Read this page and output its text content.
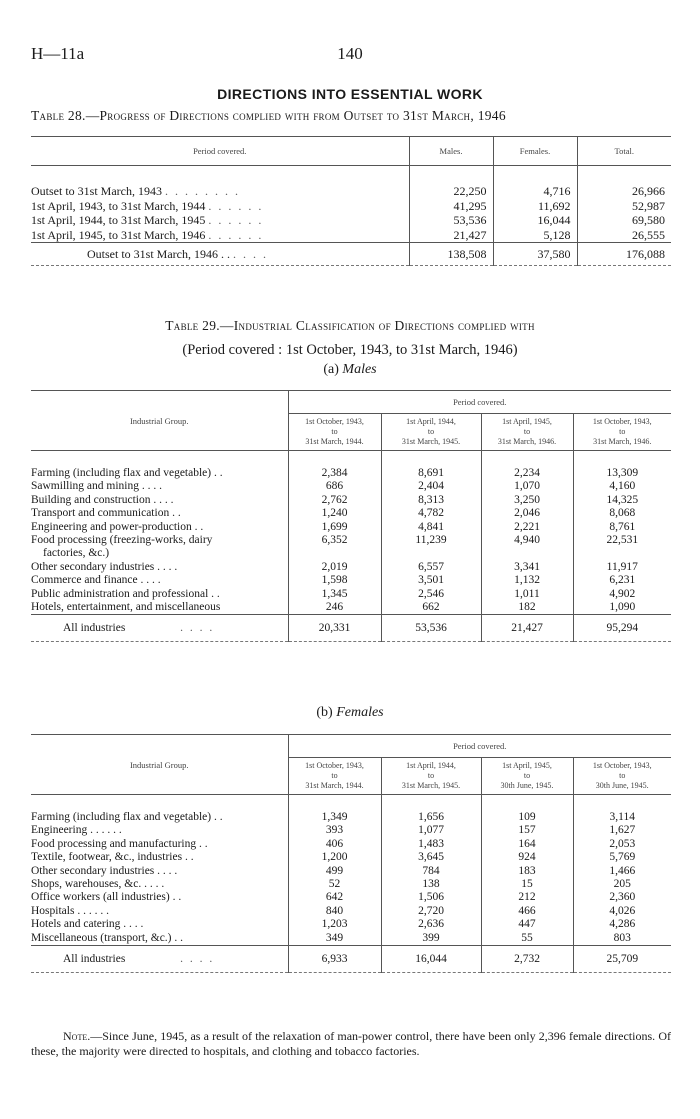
H—11a	140
DIRECTIONS INTO ESSENTIAL WORK
Table 28.—Progress of Directions complied with from Outset to 31st March, 1946
Period covered.	Males.	Females.	Total.

Outset to 31st March, 1943 . . . . . . . .	22,250	4,716	26,966
1st April, 1943, to 31st March, 1944 . . . . . .	41,295	11,692	52,987
1st April, 1944, to 31st March, 1945 . . . . . .	53,536	16,044	69,580
1st April, 1945, to 31st March, 1946 . . . . . .	21,427	5,128	26,555
Outset to 31st March, 1946 . . . . . .	138,508	37,580	176,088
Table 29.—Industrial Classification of Directions complied with
(Period covered : 1st October, 1943, to 31st March, 1946)
(a) Males
Industrial Group.	Period covered.			
	1st October, 1943,
to
31st March, 1944.	1st April, 1944,
to
31st March, 1945.	1st April, 1945,
to
31st March, 1946.	1st October, 1943,
to
31st March, 1946.

Farming (including flax and vegetable) . .	2,384	8,691	2,234	13,309
Sawmilling and mining . . . .	686	2,404	1,070	4,160
Building and construction . . . .	2,762	8,313	3,250	14,325
Transport and communication . .	1,240	4,782	2,046	8,068
Engineering and power-production . .	1,699	4,841	2,221	8,761
Food processing (freezing-works, dairy	6,352	11,239	4,940	22,531
factories, &c.)				
Other secondary industries . . . .	2,019	6,557	3,341	11,917
Commerce and finance . . . .	1,598	3,501	1,132	6,231
Public administration and professional . .	1,345	2,546	1,011	4,902
Hotels, entertainment, and miscellaneous	246	662	182	1,090
All industries . . . .	20,331	53,536	21,427	95,294
(b) Females
Industrial Group.	Period covered.			
	1st October, 1943,
to
31st March, 1944.	1st April, 1944,
to
31st March, 1945.	1st April, 1945,
to
30th June, 1945.	1st October, 1943,
to
30th June, 1945.

Farming (including flax and vegetable) . .	1,349	1,656	109	3,114
Engineering . . . . . .	393	1,077	157	1,627
Food processing and manufacturing . .	406	1,483	164	2,053
Textile, footwear, &c., industries . .	1,200	3,645	924	5,769
Other secondary industries . . . .	499	784	183	1,466
Shops, warehouses, &c. . . . .	52	138	15	205
Office workers (all industries) . .	642	1,506	212	2,360
Hospitals . . . . . .	840	2,720	466	4,026
Hotels and catering . . . .	1,203	2,636	447	4,286
Miscellaneous (transport, &c.) . .	349	399	55	803
All industries . . . .	6,933	16,044	2,732	25,709
Note.—Since June, 1945, as a result of the relaxation of man-power control, there have been only 2,396 female directions. Of these, the majority were directed to hospitals, and clothing and tobacco factories.
